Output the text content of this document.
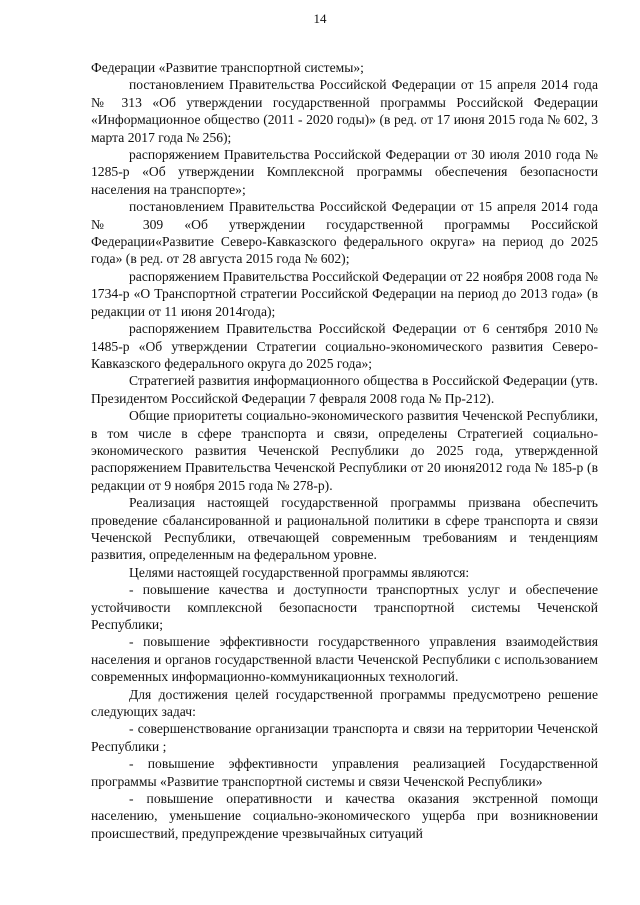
14

Федерации «Развитие транспортной системы»;

постановлением Правительства Российской Федерации от 15 апреля 2014 года № 313 «Об утверждении государственной программы Российской Федерации «Информационное общество (2011 - 2020 годы)» (в ред. от 17 июня 2015 года № 602, 3 марта 2017 года № 256);

распоряжением Правительства Российской Федерации от 30 июля 2010 года № 1285-р «Об утверждении Комплексной программы обеспечения безопасности населения на транспорте»;

постановлением Правительства Российской Федерации от 15 апреля 2014 года № 309 «Об утверждении государственной программы Российской Федерации«Развитие Северо-Кавказского федерального округа» на период до 2025 года» (в ред. от 28 августа 2015 года № 602);

распоряжением Правительства Российской Федерации от 22 ноября 2008 года № 1734-р «О Транспортной стратегии Российской Федерации на период до 2013 года» (в редакции от 11 июня 2014года);

распоряжением Правительства Российской Федерации от 6 сентября 2010№ 1485-р «Об утверждении Стратегии социально-экономического развития Северо-Кавказского федерального округа до 2025 года»;

Стратегией развития информационного общества в Российской Федерации (утв. Президентом Российской Федерации 7 февраля 2008 года № Пр-212).

Общие приоритеты социально-экономического развития Чеченской Республики, в том числе в сфере транспорта и связи, определены Стратегией социально-экономического развития Чеченской Республики до 2025 года, утвержденной распоряжением Правительства Чеченской Республики от 20 июня2012 года № 185-р (в редакции от 9 ноября 2015 года № 278-р).

Реализация настоящей государственной программы призвана обеспечить проведение сбалансированной и рациональной политики в сфере транспорта и связи Чеченской Республики, отвечающей современным требованиям и тенденциям развития, определенным на федеральном уровне.

Целями настоящей государственной программы являются:

- повышение качества и доступности транспортных услуг и обеспечение устойчивости комплексной безопасности транспортной системы Чеченской Республики;

- повышение эффективности государственного управления взаимодействия населения и органов государственной власти Чеченской Республики с использованием современных информационно-коммуникационных технологий.

Для достижения целей государственной программы предусмотрено решение следующих задач:

- совершенствование организации транспорта и связи на территории Чеченской Республики ;

- повышение эффективности управления реализацией Государственной программы «Развитие транспортной системы и связи Чеченской Республики»

- повышение оперативности и качества оказания экстренной помощи населению, уменьшение социально-экономического ущерба при возникновении происшествий, предупреждение чрезвычайных ситуаций
